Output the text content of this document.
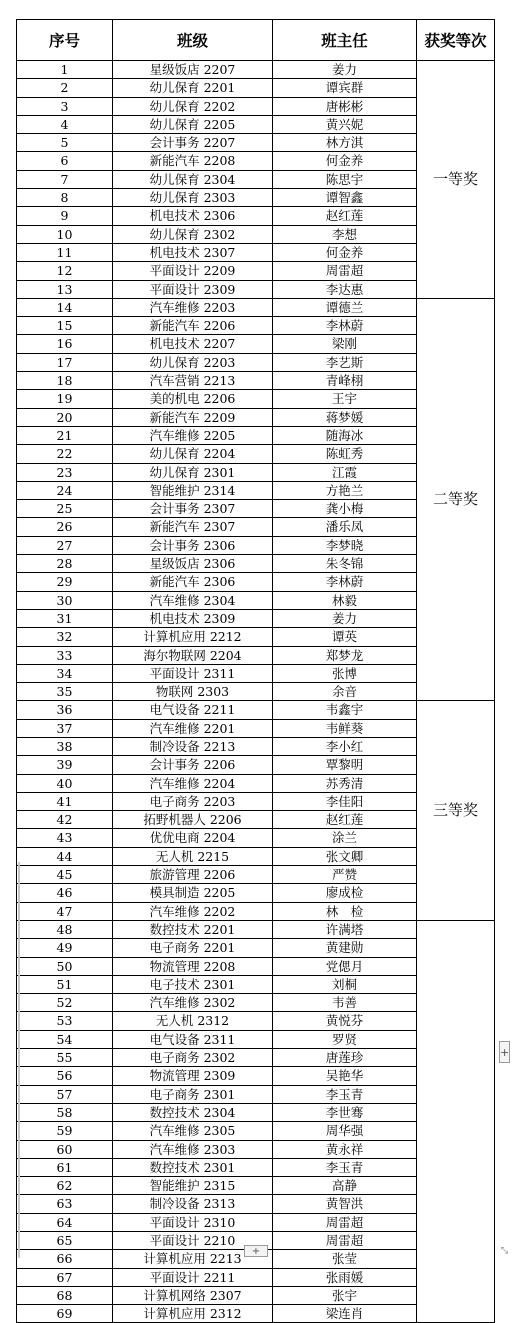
序号	班级	班主任	获奖等次
1	星级饭店 2207	姜力	一等奖
2	幼儿保育 2201	谭宾群	
3	幼儿保育 2202	唐彬彬	
4	幼儿保育 2205	黄兴妮	
5	会计事务 2207	林方淇	
6	新能汽车 2208	何金养	
7	幼儿保育 2304	陈思宇	
8	幼儿保育 2303	谭智鑫	
9	机电技术 2306	赵红莲	
10	幼儿保育 2302	李想	
11	机电技术 2307	何金养	
12	平面设计 2209	周雷超	
13	平面设计 2309	李达惠	
14	汽车维修 2203	谭德兰	二等奖
15	新能汽车 2206	李林蔚	
16	机电技术 2207	梁刚	
17	幼儿保育 2203	李艺斯	
18	汽车营销 2213	青峰栩	
19	美的机电 2206	王宇	
20	新能汽车 2209	蒋梦媛	
21	汽车维修 2205	随海冰	
22	幼儿保育 2204	陈虹秀	
23	幼儿保育 2301	江霞	
24	智能维护 2314	方艳兰	
25	会计事务 2307	龚小梅	
26	新能汽车 2307	潘乐凤	
27	会计事务 2306	李梦晓	
28	星级饭店 2306	朱冬锦	
29	新能汽车 2306	李林蔚	
30	汽车维修 2304	林毅	
31	机电技术 2309	姜力	
32	计算机应用 2212	谭英	
33	海尔物联网 2204	郑梦龙	
34	平面设计 2311	张博	
35	物联网 2303	余音	
36	电气设备 2211	韦鑫宇	三等奖
37	汽车维修 2201	韦鲜葵	
38	制冷设备 2213	李小红	
39	会计事务 2206	覃黎明	
40	汽车维修 2204	苏秀清	
41	电子商务 2203	李佳阳	
42	拓野机器人 2206	赵红莲	
43	优优电商 2204	涂兰	
44	无人机 2215	张文卿	
45	旅游管理 2206	严赞	
46	模具制造 2205	廖成检	
47	汽车维修 2202	林　检	
48	数控技术 2201	许满塔	
49	电子商务 2201	黄建勋	
50	物流管理 2208	党偲月	
51	电子技术 2301	刘桐	
52	汽车维修 2302	韦善	
53	无人机 2312	黄悦芬	
54	电气设备 2311	罗贤	
55	电子商务 2302	唐莲珍	
56	物流管理 2309	吴艳华	
57	电子商务 2301	李玉青	
58	数控技术 2304	李世骞	
59	汽车维修 2305	周华强	
60	汽车维修 2303	黄永祥	
61	数控技术 2301	李玉青	
62	智能维护 2315	高静	
63	制冷设备 2313	黄智洪	
64	平面设计 2310	周雷超	
65	平面设计 2210	周雷超	
66	计算机应用 2213	张莹	
67	平面设计 2211	张雨媛	
68	计算机网络 2307	张宇	
69	计算机应用 2312	梁连肖	
+
+	⤡
